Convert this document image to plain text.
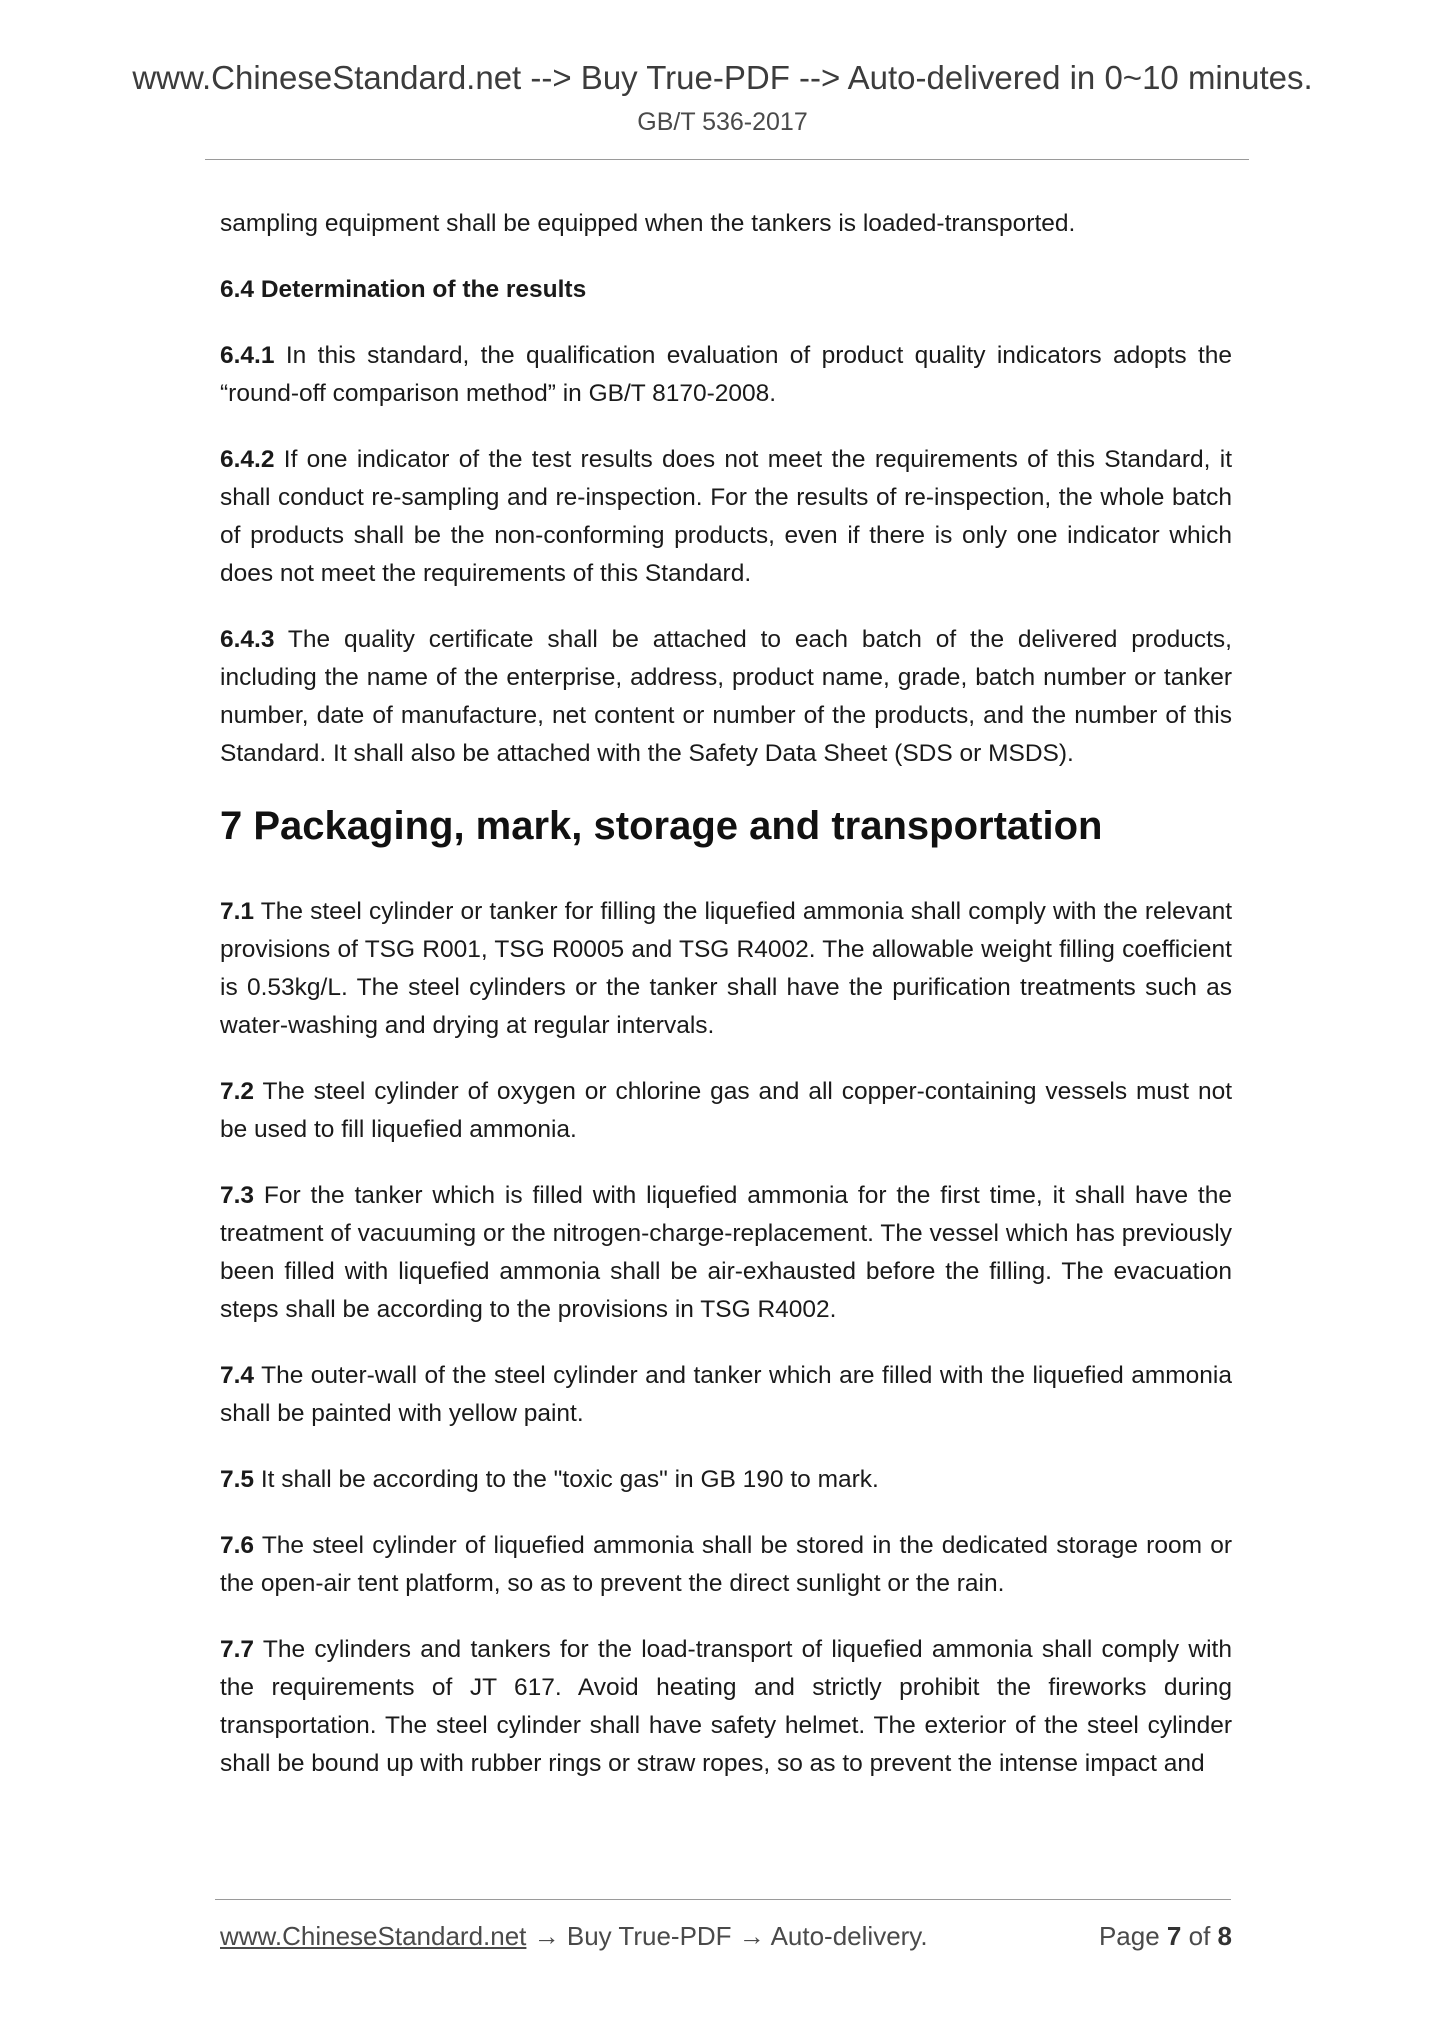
www.ChineseStandard.net --> Buy True-PDF --> Auto-delivered in 0~10 minutes.
GB/T 536-2017

sampling equipment shall be equipped when the tankers is loaded-transported.

6.4 Determination of the results

6.4.1 In this standard, the qualification evaluation of product quality indicators adopts the “round-off comparison method” in GB/T 8170-2008.

6.4.2 If one indicator of the test results does not meet the requirements of this Standard, it shall conduct re-sampling and re-inspection. For the results of re-inspection, the whole batch of products shall be the non-conforming products, even if there is only one indicator which does not meet the requirements of this Standard.

6.4.3 The quality certificate shall be attached to each batch of the delivered products, including the name of the enterprise, address, product name, grade, batch number or tanker number, date of manufacture, net content or number of the products, and the number of this Standard. It shall also be attached with the Safety Data Sheet (SDS or MSDS).

7 Packaging, mark, storage and transportation

7.1 The steel cylinder or tanker for filling the liquefied ammonia shall comply with the relevant provisions of TSG R001, TSG R0005 and TSG R4002. The allowable weight filling coefficient is 0.53kg/L. The steel cylinders or the tanker shall have the purification treatments such as water-washing and drying at regular intervals.

7.2 The steel cylinder of oxygen or chlorine gas and all copper-containing vessels must not be used to fill liquefied ammonia.

7.3 For the tanker which is filled with liquefied ammonia for the first time, it shall have the treatment of vacuuming or the nitrogen-charge-replacement. The vessel which has previously been filled with liquefied ammonia shall be air-exhausted before the filling. The evacuation steps shall be according to the provisions in TSG R4002.

7.4 The outer-wall of the steel cylinder and tanker which are filled with the liquefied ammonia shall be painted with yellow paint.

7.5 It shall be according to the "toxic gas" in GB 190 to mark.

7.6 The steel cylinder of liquefied ammonia shall be stored in the dedicated storage room or the open-air tent platform, so as to prevent the direct sunlight or the rain.

7.7 The cylinders and tankers for the load-transport of liquefied ammonia shall comply with the requirements of JT 617. Avoid heating and strictly prohibit the fireworks during transportation. The steel cylinder shall have safety helmet. The exterior of the steel cylinder shall be bound up with rubber rings or straw ropes, so as to prevent the intense impact and

www.ChineseStandard.net → Buy True-PDF → Auto-delivery.	Page 7 of 8
